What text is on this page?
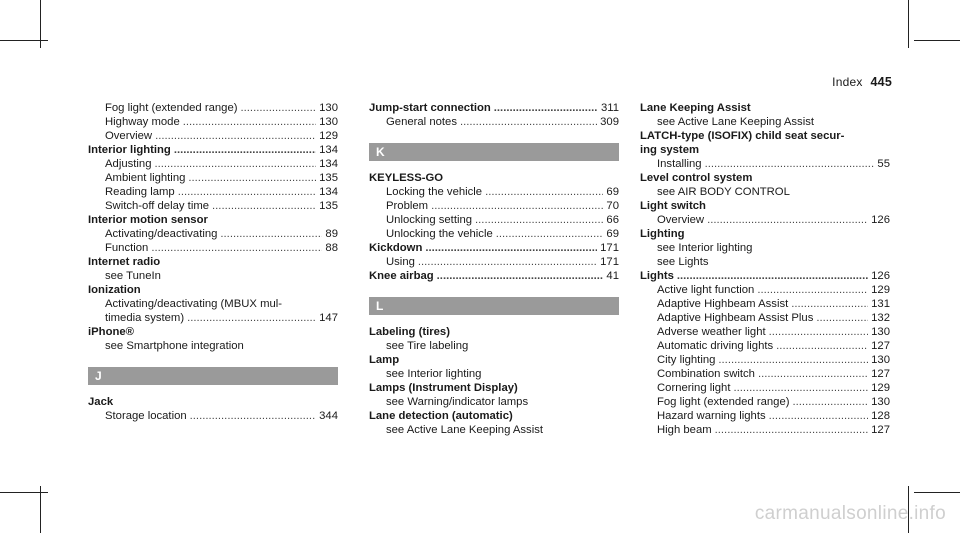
Index 445
Fog light (extended range) .....	130
Highway mode .....	130
Overview .....	129
Interior lighting .....	134
Adjusting .....	134
Ambient lighting .....	135
Reading lamp .....	134
Switch-off delay time .....	135
Interior motion sensor
Activating/deactivating .....	89
Function .....	88
Internet radio
see TuneIn
Ionization
Activating/deactivating (MBUX mul-
timedia system) .....	147
iPhone®
see Smartphone integration
J
Jack
Storage location .....	344
Jump-start connection .....	311
General notes .....	309
K
KEYLESS-GO
Locking the vehicle .....	69
Problem .....	70
Unlocking setting .....	66
Unlocking the vehicle .....	69
Kickdown .....	171
Using .....	171
Knee airbag .....	41
L
Labeling (tires)
see Tire labeling
Lamp
see Interior lighting
Lamps (Instrument Display)
see Warning/indicator lamps
Lane detection (automatic)
see Active Lane Keeping Assist
Lane Keeping Assist
see Active Lane Keeping Assist
LATCH-type (ISOFIX) child seat secur-
ing system
Installing .....	55
Level control system
see AIR BODY CONTROL
Light switch
Overview .....	126
Lighting
see Interior lighting
see Lights
Lights .....	126
Active light function .....	129
Adaptive Highbeam Assist .....	131
Adaptive Highbeam Assist Plus .....	132
Adverse weather light .....	130
Automatic driving lights .....	127
City lighting .....	130
Combination switch .....	127
Cornering light .....	129
Fog light (extended range) .....	130
Hazard warning lights .....	128
High beam .....	127
carmanualsonline.info
